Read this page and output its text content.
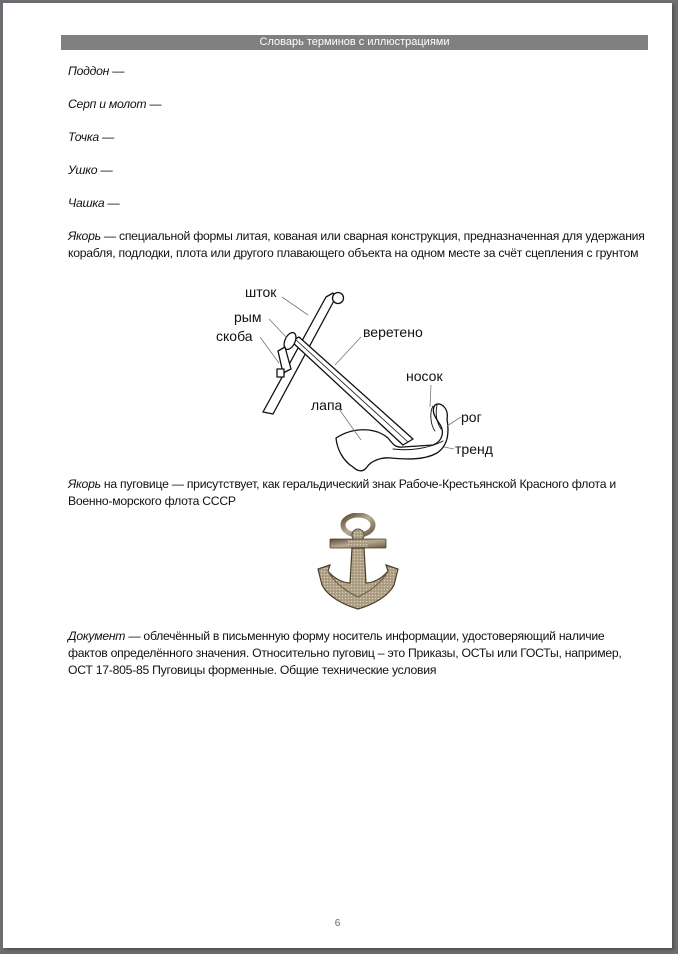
Словарь терминов с иллюстрациями

Поддон —

Серп и молот —

Точка —

Ушко —

Чашка —

Якорь — специальной формы литая, кованая или сварная конструкция, предназначенная для удержания корабля, подлодки, плота или другого плавающего объекта на одном месте за счёт сцепления с грунтом

Якорь на пуговице — присутствует, как геральдический знак Рабоче-Крестьянской Красного флота и Военно-морского флота СССР

Документ — облечённый в письменную форму носитель информации, удостоверяющий наличие фактов определённого значения. Относительно пуговиц – это Приказы, ОСТы или ГОСТы, например, ОСТ 17-805-85 Пуговицы форменные. Общие технические условия

шток
рым
скоба	веретено
носок
лапа
рог
тренд
6
